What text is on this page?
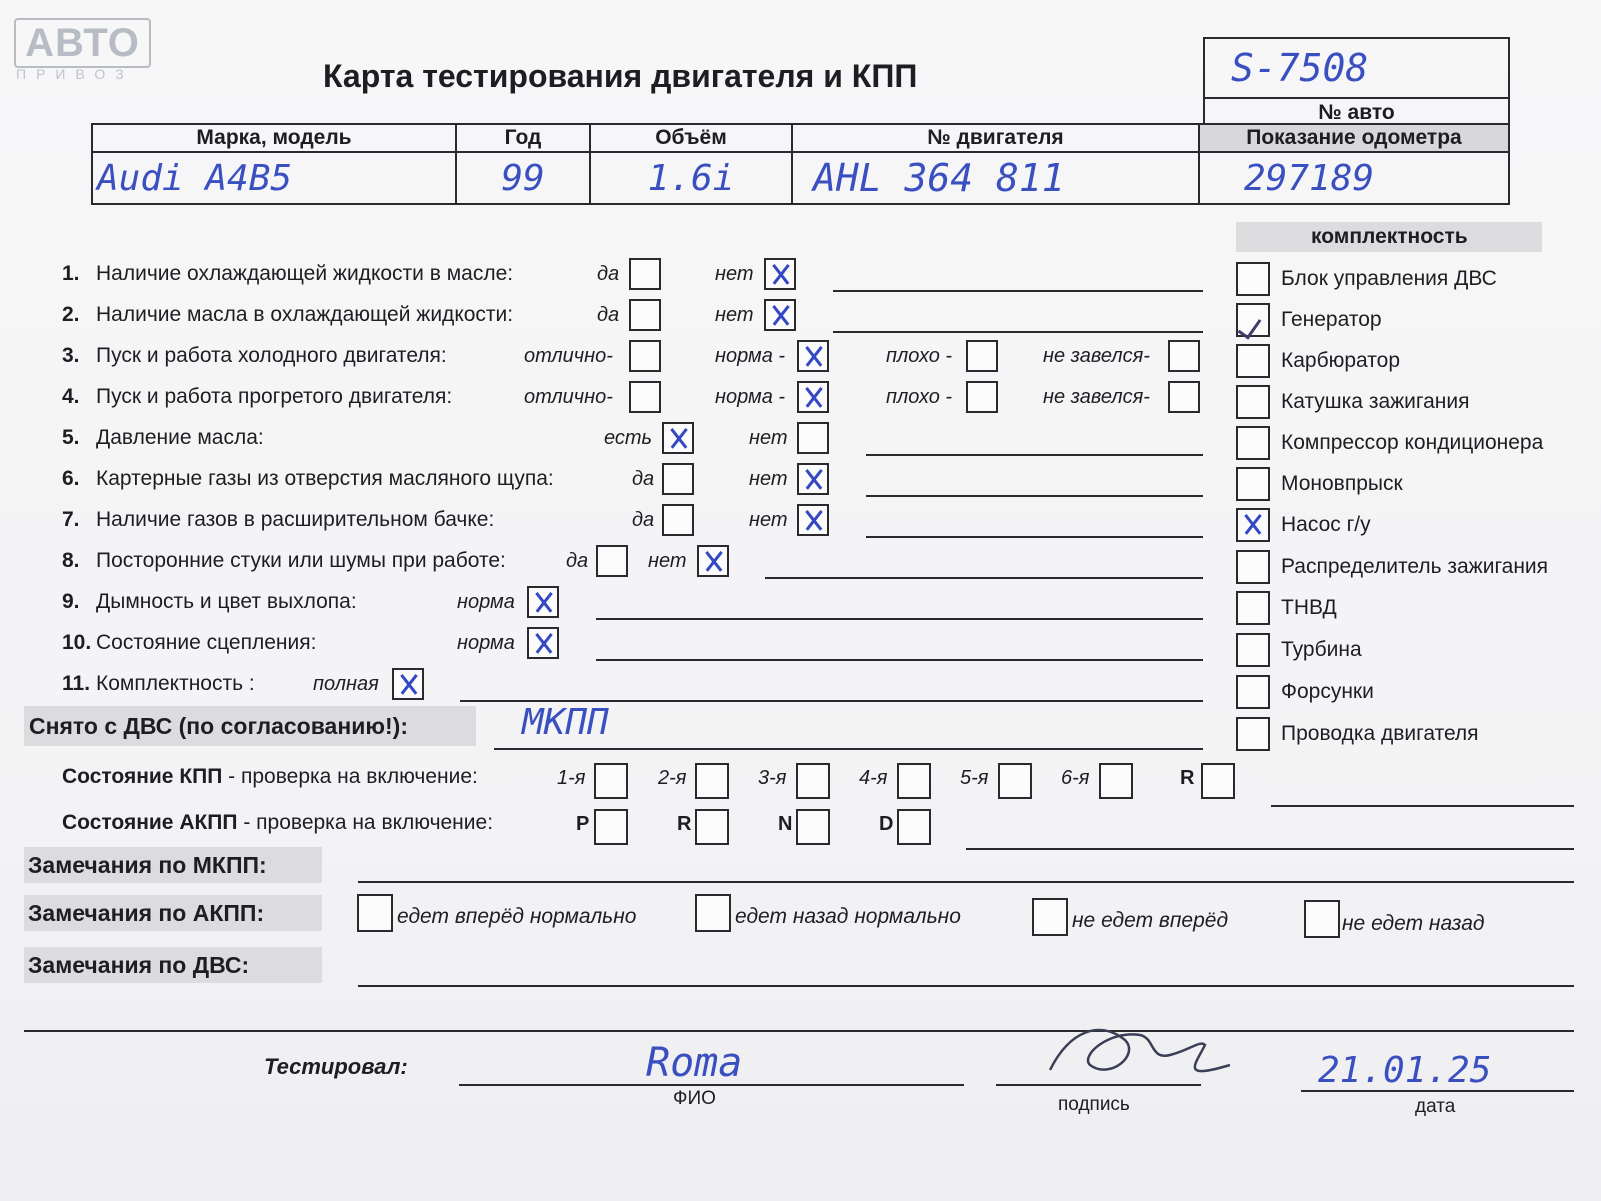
АВТО
ПРИВОЗ	Карта тестирования двигателя и КПП	S-7508

№ авто
Марка, модель	Год	Объём	№ двигателя	Показание одометра
Audi A4B5	99	1.6i	AHL 364 811	297189
1. Наличие охлаждающей жидкости в масле:	да	нет
2. Наличие масла в охлаждающей жидкости:	да	нет
3. Пуск и работа холодного двигателя:	отлично-	норма -	плохо -	не завелся-
4. Пуск и работа прогретого двигателя:	отлично-	норма -	плохо -	не завелся-
5. Давление масла:	есть	нет
6. Картерные газы из отверстия масляного щупа:	да	нет
7. Наличие газов в расширительном бачке:	да	нет
8. Посторонние стуки или шумы при работе:	да	нет
9. Дымность и цвет выхлопа:	норма
10. Состояние сцепления:	норма
11. Комплектность :	полная
Снято с ДВС (по согласованию!):	МКПП
комплектность
Блок управления ДВС
Генератор
Карбюратор
Катушка зажигания
Компрессор кондиционера
Моновпрыск
Насос г/у
Распределитель зажигания
ТНВД
Турбина
Форсунки
Проводка двигателя
Состояние КПП - проверка на включение:	1-я	2-я	3-я	4-я	5-я	6-я	R
Состояние АКПП - проверка на включение:	P	R	N	D
Замечания по МКПП:
Замечания по АКПП:	едет вперёд нормально	едет назад нормально	не едет вперёд	не едет назад
Замечания по ДВС:
Тестировал:	Roma
ФИО	подпись
21.01.25
дата
